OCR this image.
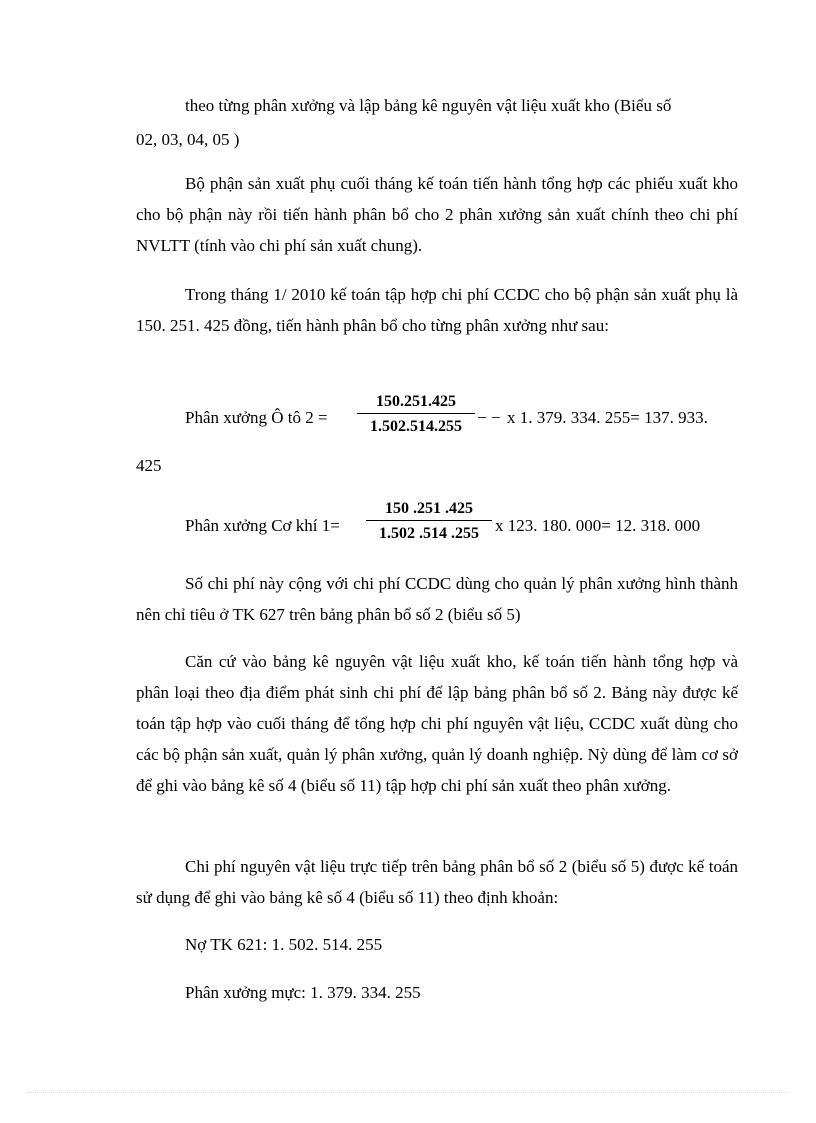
theo từng phân xưởng và lập bảng kê nguyên vật liệu xuất kho (Biểu số

02, 03, 04, 05 )

Bộ phận sản xuất phụ cuối tháng kế toán tiến hành tổng hợp các phiếu xuất kho cho bộ phận này rồi tiến hành phân bổ cho 2 phân xưởng sản xuất chính theo chi phí NVLTT (tính vào chi phí sản xuất chung).

Trong tháng 1/ 2010 kế toán tập hợp chi phí CCDC cho bộ phận sản xuất phụ là 150. 251. 425 đồng, tiến hành phân bổ cho từng phân xưởng như sau:

Phân xưởng Ô tô $2 = \frac{150.251.425}{1.502.514.255}$ − − x 1. 379. 334. 255= 137. 933.
425
Phân xưởng Cơ khí $1= \frac{150 .251 .425}{1.502 .514 .255}$ x 123. 180. 000= 12. 318. 000

Số chi phí này cộng với chi phí CCDC dùng cho quản lý phân xưởng hình thành nên chỉ tiêu ở TK 627 trên bảng phân bổ số 2 (biểu số 5)

Căn cứ vào bảng kê nguyên vật liệu xuất kho, kế toán tiến hành tổng hợp và phân loại theo địa điểm phát sinh chi phí để lập bảng phân bổ số 2. Bảng này được kế toán tập hợp vào cuối tháng để tổng hợp chi phí nguyên vật liệu, CCDC xuất dùng cho các bộ phận sản xuất, quản lý phân xưởng, quản lý doanh nghiệp. Nỳ dùng để làm cơ sở để ghi vào bảng kê số 4 (biểu số 11) tập hợp chi phí sản xuất theo phân xưởng.

Chi phí nguyên vật liệu trực tiếp trên bảng phân bổ số 2 (biểu số 5) được kế toán sử dụng để ghi vào bảng kê số 4 (biểu số 11) theo định khoản:

Nợ TK 621: 1. 502. 514. 255

Phân xưởng mực: 1. 379. 334. 255
